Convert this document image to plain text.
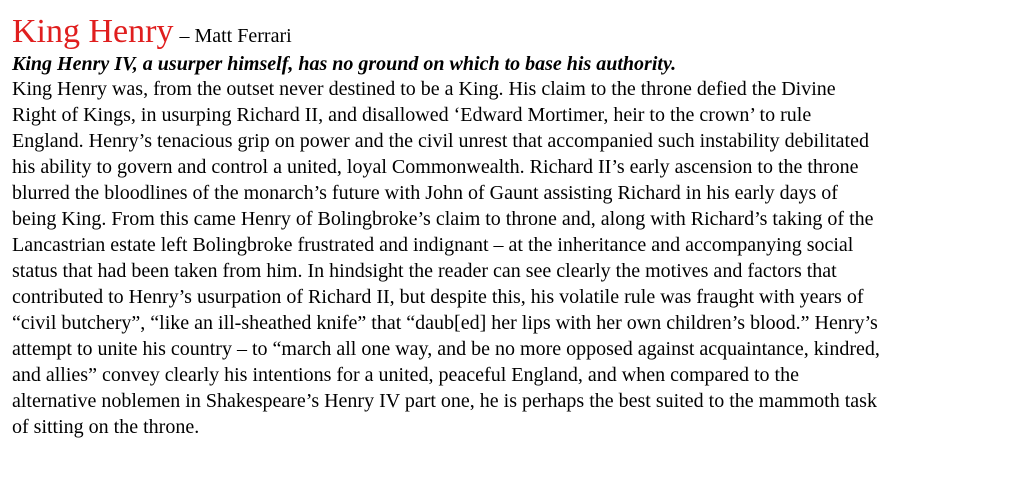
King Henry – Matt Ferrari
King Henry IV, a usurper himself, has no ground on which to base his authority.

King Henry was, from the outset never destined to be a King. His claim to the throne defied the Divine
Right of Kings, in usurping Richard II, and disallowed ‘Edward Mortimer, heir to the crown’ to rule
England. Henry’s tenacious grip on power and the civil unrest that accompanied such instability debilitated
his ability to govern and control a united, loyal Commonwealth. Richard II’s early ascension to the throne
blurred the bloodlines of the monarch’s future with John of Gaunt assisting Richard in his early days of
being King. From this came Henry of Bolingbroke’s claim to throne and, along with Richard’s taking of the
Lancastrian estate left Bolingbroke frustrated and indignant – at the inheritance and accompanying social
status that had been taken from him. In hindsight the reader can see clearly the motives and factors that
contributed to Henry’s usurpation of Richard II, but despite this, his volatile rule was fraught with years of
“civil butchery”, “like an ill-sheathed knife” that “daub[ed] her lips with her own children’s blood.” Henry’s
attempt to unite his country – to “march all one way, and be no more opposed against acquaintance, kindred,
and allies” convey clearly his intentions for a united, peaceful England, and when compared to the
alternative noblemen in Shakespeare’s Henry IV part one, he is perhaps the best suited to the mammoth task
of sitting on the throne.
